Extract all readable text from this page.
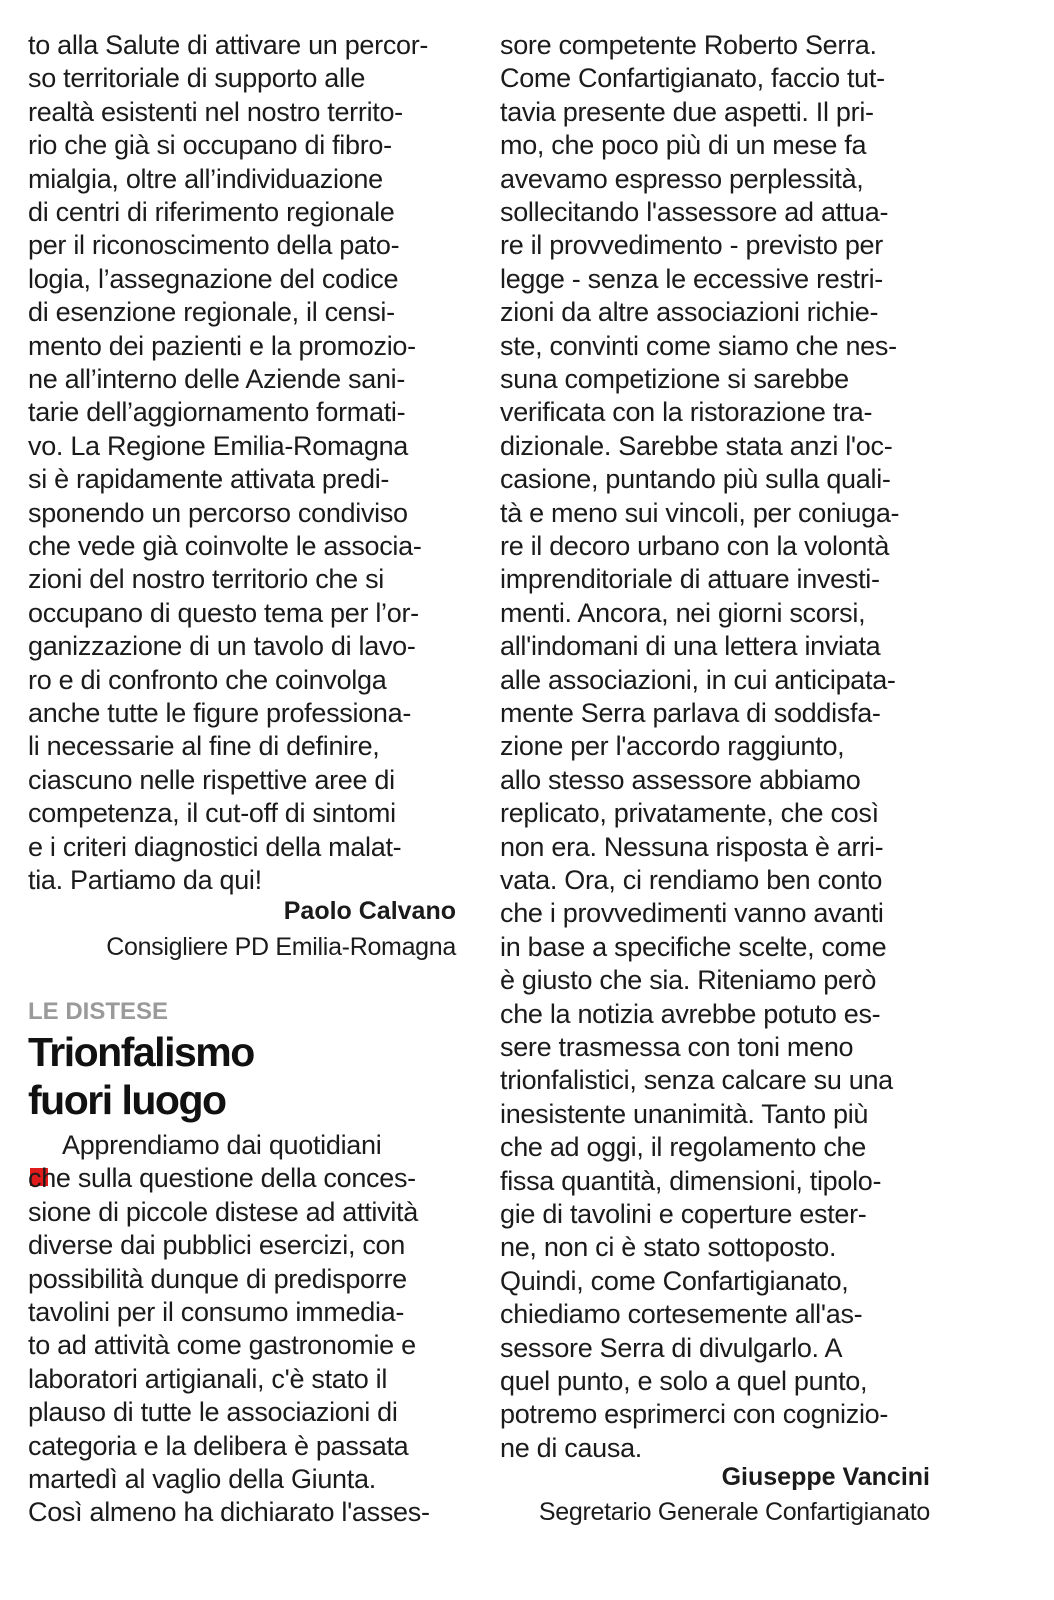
to alla Salute di attivare un percor-
so territoriale di supporto alle
realtà esistenti nel nostro territo-
rio che già si occupano di fibro-
mialgia, oltre all’individuazione
di centri di riferimento regionale
per il riconoscimento della pato-
logia, l’assegnazione del codice
di esenzione regionale, il censi-
mento dei pazienti e la promozio-
ne all’interno delle Aziende sani-
tarie dell’aggiornamento formati-
vo. La Regione Emilia-Romagna
si è rapidamente attivata predi-
sponendo un percorso condiviso
che vede già coinvolte le associa-
zioni del nostro territorio che si
occupano di questo tema per l’or-
ganizzazione di un tavolo di lavo-
ro e di confronto che coinvolga
anche tutte le figure professiona-
li necessarie al fine di definire,
ciascuno nelle rispettive aree di
competenza, il cut-off di sintomi
e i criteri diagnostici della malat-
tia. Partiamo da qui!
Paolo Calvano
Consigliere PD Emilia-Romagna
LE DISTESE
Trionfalismo
fuori luogo
Apprendiamo dai quotidiani
che sulla questione della conces-
sione di piccole distese ad attività
diverse dai pubblici esercizi, con
possibilità dunque di predisporre
tavolini per il consumo immedia-
to ad attività come gastronomie e
laboratori artigianali, c'è stato il
plauso di tutte le associazioni di
categoria e la delibera è passata
martedì al vaglio della Giunta.
Così almeno ha dichiarato l'asses-
sore competente Roberto Serra.
Come Confartigianato, faccio tut-
tavia presente due aspetti. Il pri-
mo, che poco più di un mese fa
avevamo espresso perplessità,
sollecitando l'assessore ad attua-
re il provvedimento - previsto per
legge - senza le eccessive restri-
zioni da altre associazioni richie-
ste, convinti come siamo che nes-
suna competizione si sarebbe
verificata con la ristorazione tra-
dizionale. Sarebbe stata anzi l'oc-
casione, puntando più sulla quali-
tà e meno sui vincoli, per coniuga-
re il decoro urbano con la volontà
imprenditoriale di attuare investi-
menti. Ancora, nei giorni scorsi,
all'indomani di una lettera inviata
alle associazioni, in cui anticipata-
mente Serra parlava di soddisfa-
zione per l'accordo raggiunto,
allo stesso assessore abbiamo
replicato, privatamente, che così
non era. Nessuna risposta è arri-
vata. Ora, ci rendiamo ben conto
che i provvedimenti vanno avanti
in base a specifiche scelte, come
è giusto che sia. Riteniamo però
che la notizia avrebbe potuto es-
sere trasmessa con toni meno
trionfalistici, senza calcare su una
inesistente unanimità. Tanto più
che ad oggi, il regolamento che
fissa quantità, dimensioni, tipolo-
gie di tavolini e coperture ester-
ne, non ci è stato sottoposto.
Quindi, come Confartigianato,
chiediamo cortesemente all'as-
sessore Serra di divulgarlo. A
quel punto, e solo a quel punto,
potremo esprimerci con cognizio-
ne di causa.
Giuseppe Vancini
Segretario Generale Confartigianato
